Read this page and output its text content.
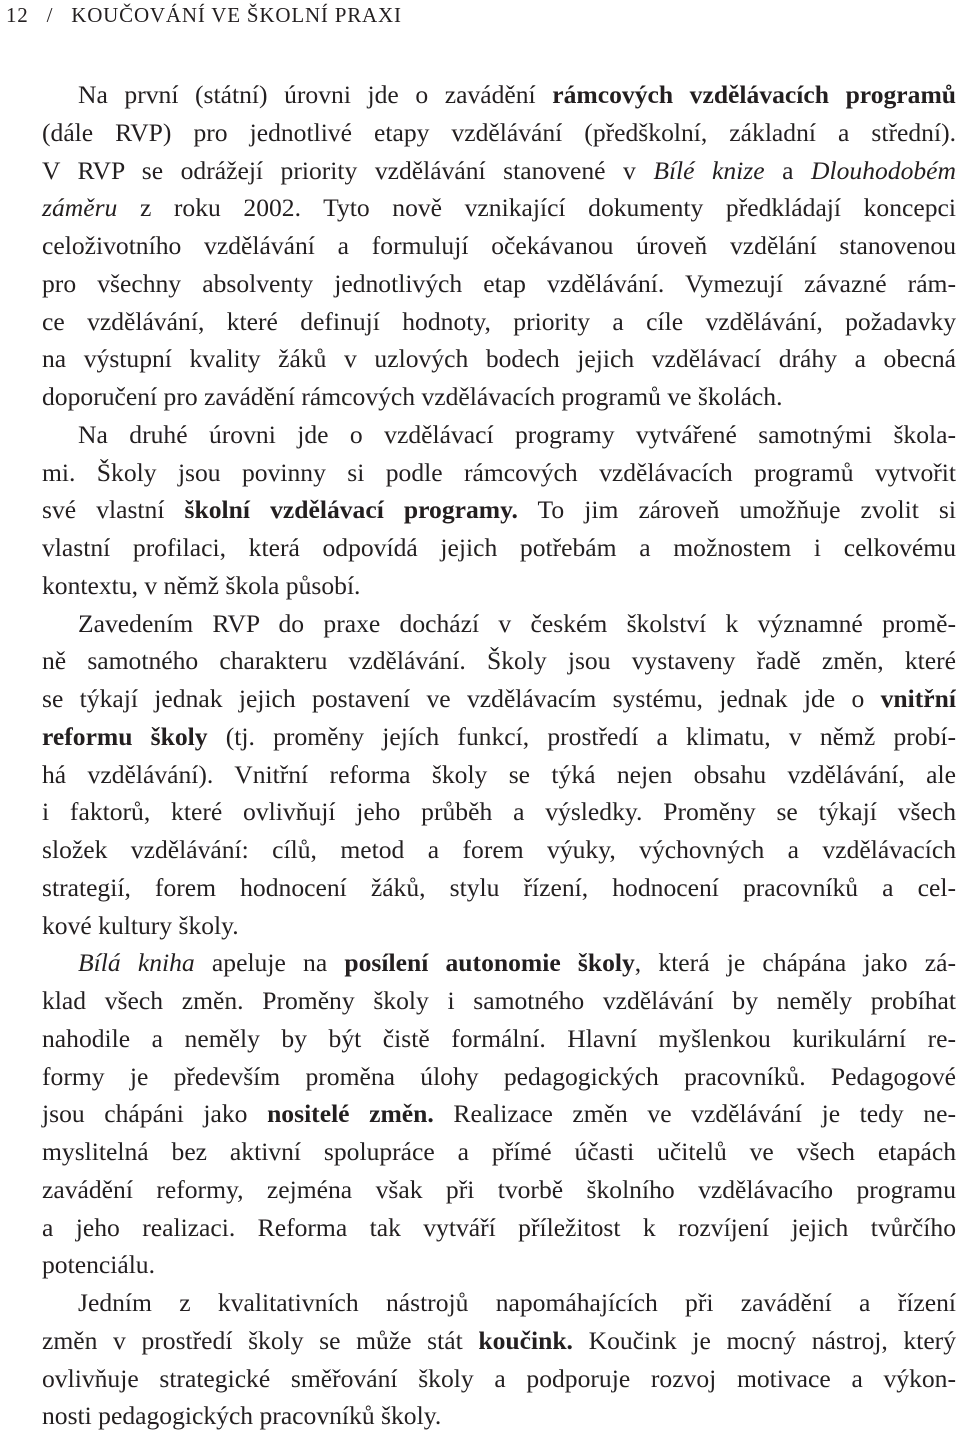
12 / KOUČOVÁNÍ VE ŠKOLNÍ PRAXI
Na první (státní) úrovni jde o zavádění rámcových vzdělávacích programů
(dále RVP) pro jednotlivé etapy vzdělávání (předškolní, základní a střední).
V RVP se odrážejí priority vzdělávání stanovené v Bílé knize a Dlouhodobém
záměru z roku 2002. Tyto nově vznikající dokumenty předkládají koncepci
celoživotního vzdělávání a formulují očekávanou úroveň vzdělání stanovenou
pro všechny absolventy jednotlivých etap vzdělávání. Vymezují závazné rám-
ce vzdělávání, které definují hodnoty, priority a cíle vzdělávání, požadavky
na výstupní kvality žáků v uzlových bodech jejich vzdělávací dráhy a obecná
doporučení pro zavádění rámcových vzdělávacích programů ve školách.
Na druhé úrovni jde o vzdělávací programy vytvářené samotnými škola-
mi. Školy jsou povinny si podle rámcových vzdělávacích programů vytvořit
své vlastní školní vzdělávací programy. To jim zároveň umožňuje zvolit si
vlastní profilaci, která odpovídá jejich potřebám a možnostem i celkovému
kontextu, v němž škola působí.
Zavedením RVP do praxe dochází v českém školství k významné promě-
ně samotného charakteru vzdělávání. Školy jsou vystaveny řadě změn, které
se týkají jednak jejich postavení ve vzdělávacím systému, jednak jde o vnitřní
reformu školy (tj. proměny jejích funkcí, prostředí a klimatu, v němž probí-
há vzdělávání). Vnitřní reforma školy se týká nejen obsahu vzdělávání, ale
i faktorů, které ovlivňují jeho průběh a výsledky. Proměny se týkají všech
složek vzdělávání: cílů, metod a forem výuky, výchovných a vzdělávacích
strategií, forem hodnocení žáků, stylu řízení, hodnocení pracovníků a cel-
kové kultury školy.
Bílá kniha apeluje na posílení autonomie školy, která je chápána jako zá-
klad všech změn. Proměny školy i samotného vzdělávání by neměly probíhat
nahodile a neměly by být čistě formální. Hlavní myšlenkou kurikulární re-
formy je především proměna úlohy pedagogických pracovníků. Pedagogové
jsou chápáni jako nositelé změn. Realizace změn ve vzdělávání je tedy ne-
myslitelná bez aktivní spolupráce a přímé účasti učitelů ve všech etapách
zavádění reformy, zejména však při tvorbě školního vzdělávacího programu
a jeho realizaci. Reforma tak vytváří příležitost k rozvíjení jejich tvůrčího
potenciálu.
Jedním z kvalitativních nástrojů napomáhajících při zavádění a řízení
změn v prostředí školy se může stát koučink. Koučink je mocný nástroj, který
ovlivňuje strategické směřování školy a podporuje rozvoj motivace a výkon-
nosti pedagogických pracovníků školy.
